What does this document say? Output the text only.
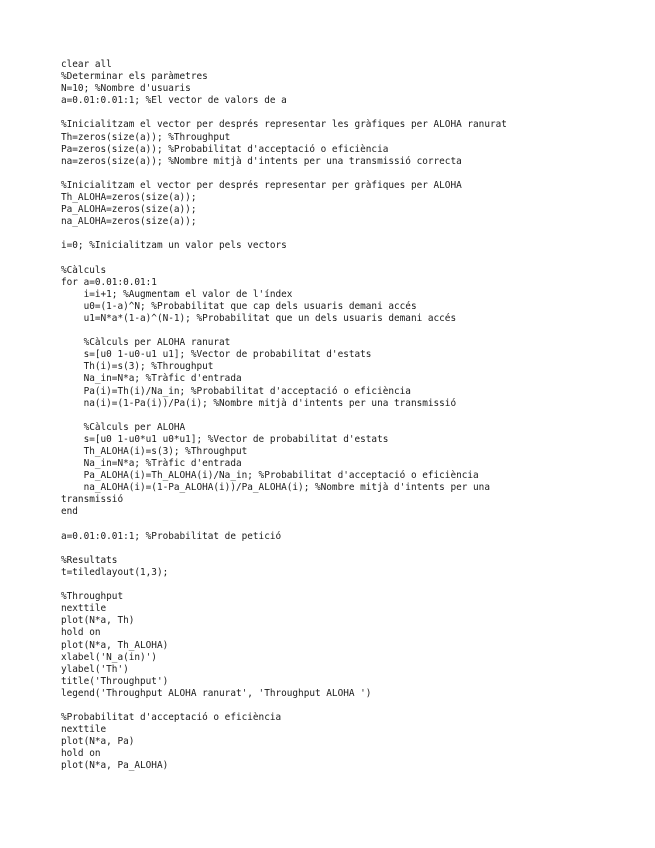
clear all
%Determinar els paràmetres
N=10; %Nombre d'usuaris
a=0.01:0.01:1; %El vector de valors de a
%Inicialitzam el vector per després representar les gràfiques per ALOHA ranurat
Th=zeros(size(a)); %Throughput
Pa=zeros(size(a)); %Probabilitat d'acceptació o eficiència
na=zeros(size(a)); %Nombre mitjà d'intents per una transmissió correcta
%Inicialitzam el vector per després representar per gràfiques per ALOHA
Th_ALOHA=zeros(size(a));
Pa_ALOHA=zeros(size(a));
na_ALOHA=zeros(size(a));
i=0; %Inicialitzam un valor pels vectors
%Càlculs
for a=0.01:0.01:1
i=i+1; %Augmentam el valor de l'índex
u0=(1-a)^N; %Probabilitat que cap dels usuaris demani accés
u1=N*a*(1-a)^(N-1); %Probabilitat que un dels usuaris demani accés
%Càlculs per ALOHA ranurat
s=[u0 1-u0-u1 u1]; %Vector de probabilitat d'estats
Th(i)=s(3); %Throughput
Na_in=N*a; %Tràfic d'entrada
Pa(i)=Th(i)/Na_in; %Probabilitat d'acceptació o eficiència
na(i)=(1-Pa(i))/Pa(i); %Nombre mitjà d'intents per una transmissió
%Càlculs per ALOHA
s=[u0 1-u0*u1 u0*u1]; %Vector de probabilitat d'estats
Th_ALOHA(i)=s(3); %Throughput
Na_in=N*a; %Tràfic d'entrada
Pa_ALOHA(i)=Th_ALOHA(i)/Na_in; %Probabilitat d'acceptació o eficiència
na_ALOHA(i)=(1-Pa_ALOHA(i))/Pa_ALOHA(i); %Nombre mitjà d'intents per una
transmissió
end
a=0.01:0.01:1; %Probabilitat de petició
%Resultats
t=tiledlayout(1,3);
%Throughput
nexttile
plot(N*a, Th)
hold on
plot(N*a, Th_ALOHA)
xlabel('N_a(in)')
ylabel('Th')
title('Throughput')
legend('Throughput ALOHA ranurat', 'Throughput ALOHA ')
%Probabilitat d'acceptació o eficiència
nexttile
plot(N*a, Pa)
hold on
plot(N*a, Pa_ALOHA)
